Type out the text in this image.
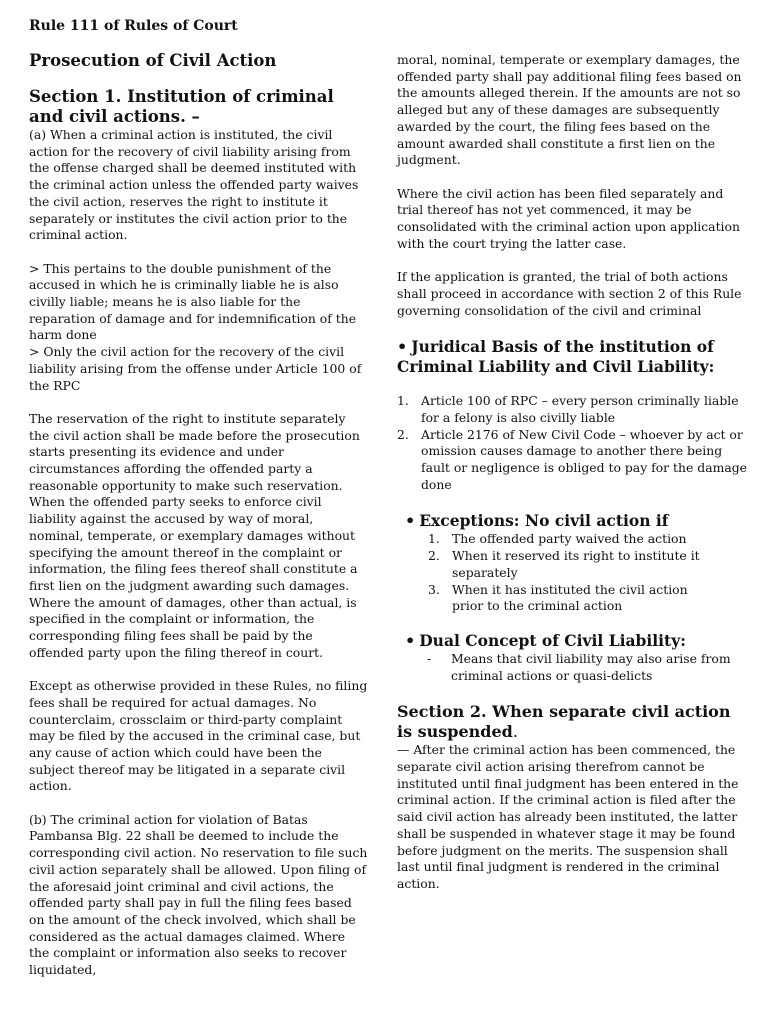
Rule 111 of Rules of Court

Prosecution of Civil Action

Section 1. Institution of criminal and civil actions. –

(a) When a criminal action is instituted, the civil action for the recovery of civil liability arising from the offense charged shall be deemed instituted with the criminal action unless the offended party waives the civil action, reserves the right to institute it separately or institutes the civil action prior to the criminal action.

> This pertains to the double punishment of the accused in which he is criminally liable he is also civilly liable; means he is also liable for the reparation of damage and for indemnification of the harm done

> Only the civil action for the recovery of the civil liability arising from the offense under Article 100 of the RPC

The reservation of the right to institute separately the civil action shall be made before the prosecution starts presenting its evidence and under circumstances affording the offended party a reasonable opportunity to make such reservation. When the offended party seeks to enforce civil liability against the accused by way of moral, nominal, temperate, or exemplary damages without specifying the amount thereof in the complaint or information, the filing fees thereof shall constitute a first lien on the judgment awarding such damages. Where the amount of damages, other than actual, is specified in the complaint or information, the corresponding filing fees shall be paid by the offended party upon the filing thereof in court.

Except as otherwise provided in these Rules, no filing fees shall be required for actual damages. No counterclaim, crossclaim or third-party complaint may be filed by the accused in the criminal case, but any cause of action which could have been the subject thereof may be litigated in a separate civil action.

(b) The criminal action for violation of Batas Pambansa Blg. 22 shall be deemed to include the corresponding civil action. No reservation to file such civil action separately shall be allowed. Upon filing of the aforesaid joint criminal and civil actions, the offended party shall pay in full the filing fees based on the amount of the check involved, which shall be considered as the actual damages claimed. Where the complaint or information also seeks to recover liquidated,

moral, nominal, temperate or exemplary damages, the offended party shall pay additional filing fees based on the amounts alleged therein. If the amounts are not so alleged but any of these damages are subsequently awarded by the court, the filing fees based on the amount awarded shall constitute a first lien on the judgment.

Where the civil action has been filed separately and trial thereof has not yet commenced, it may be consolidated with the criminal action upon application with the court trying the latter case.

If the application is granted, the trial of both actions shall proceed in accordance with section 2 of this Rule governing consolidation of the civil and criminal

• Juridical Basis of the institution of Criminal Liability and Civil Liability:

1. Article 100 of RPC – every person criminally liable for a felony is also civilly liable
2. Article 2176 of New Civil Code – whoever by act or omission causes damage to another there being fault or negligence is obliged to pay for the damage done

• Exceptions: No civil action if

1. The offended party waived the action
2. When it reserved its right to institute it separately
3. When it has instituted the civil action prior to the criminal action

• Dual Concept of Civil Liability:

- Means that civil liability may also arise from criminal actions or quasi-delicts

Section 2. When separate civil action is suspended.

— After the criminal action has been commenced, the separate civil action arising therefrom cannot be instituted until final judgment has been entered in the criminal action. If the criminal action is filed after the said civil action has already been instituted, the latter shall be suspended in whatever stage it may be found before judgment on the merits. The suspension shall last until final judgment is rendered in the criminal action.
